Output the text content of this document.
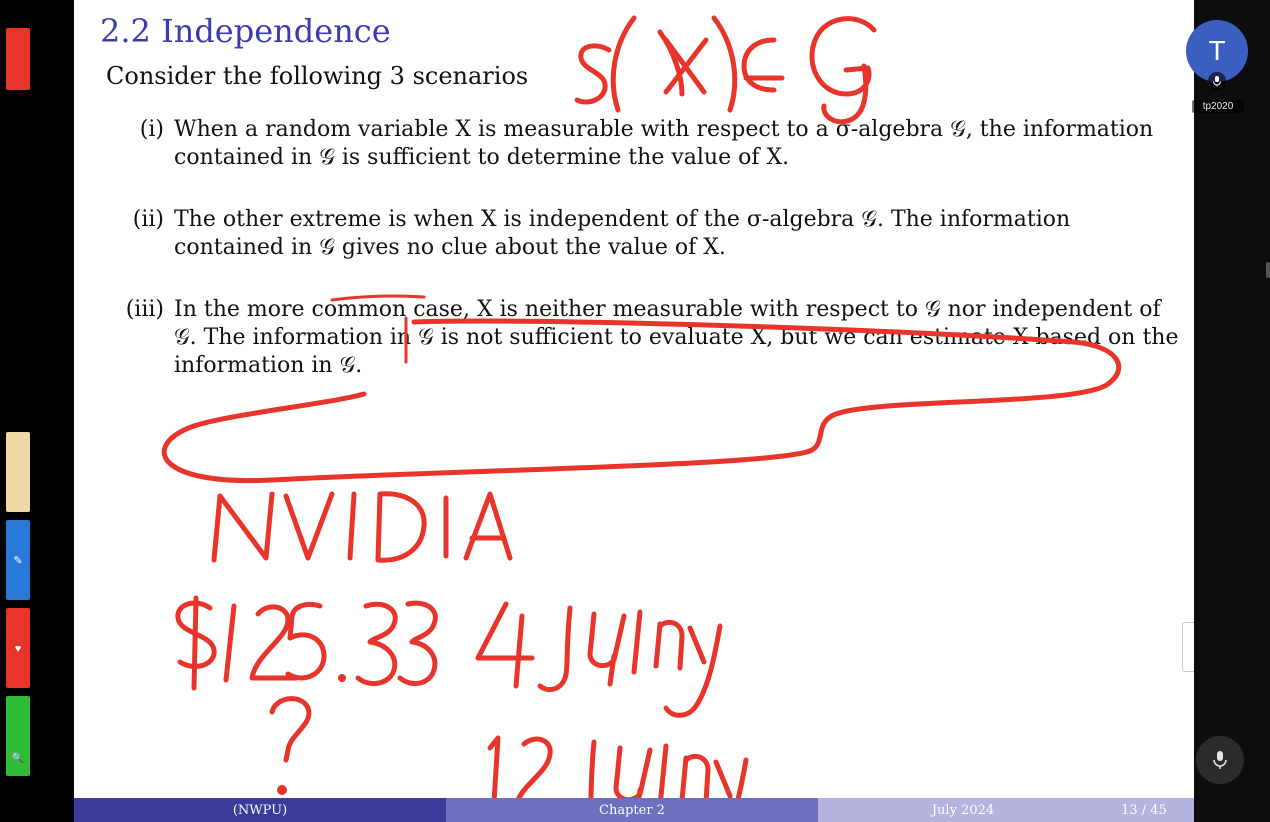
✎
♥
🔍
2.2 Independence
Consider the following 3 scenarios
(i) When a random variable X is measurable with respect to a σ-algebra 𝒢, the information contained in 𝒢 is sufficient to determine the value of X.
(ii) The other extreme is when X is independent of the σ-algebra 𝒢. The information contained in 𝒢 gives no clue about the value of X.
(iii) In the more common case, X is neither measurable with respect to 𝒢 nor independent of 𝒢. The information in 𝒢 is not sufficient to evaluate X, but we can estimate X based on the information in 𝒢.
(NWPU)	Chapter 2	July 2024	13 / 45
T
tp2020
